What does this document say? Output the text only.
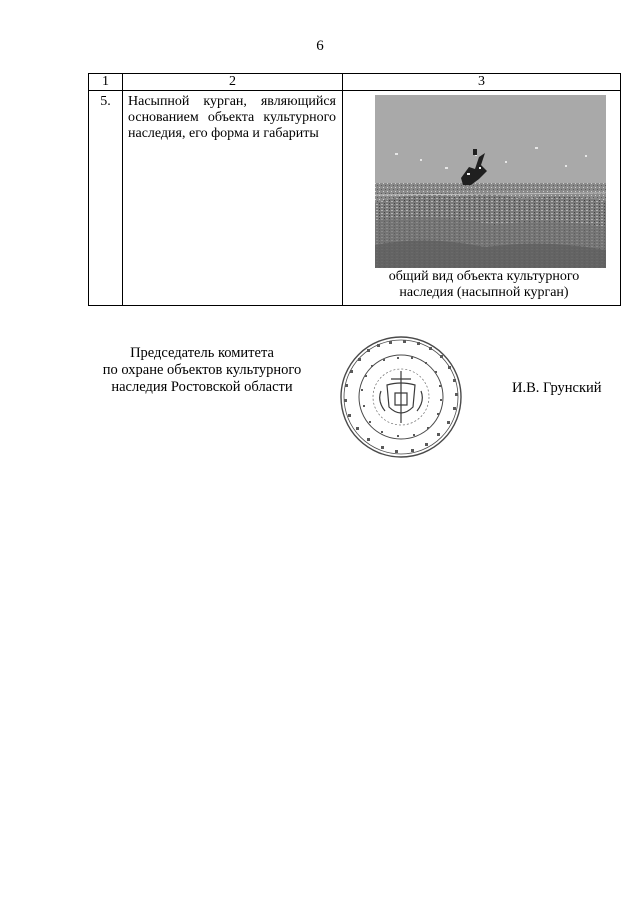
6
1	2	3
5.	Насыпной курган, являющийся основанием объекта культурного наследия, его форма и габариты	общий вид объекта культурного
наследия (насыпной курган)
Председатель комитета
по охране объектов культурного
наследия Ростовской области	И.В. Грунский
